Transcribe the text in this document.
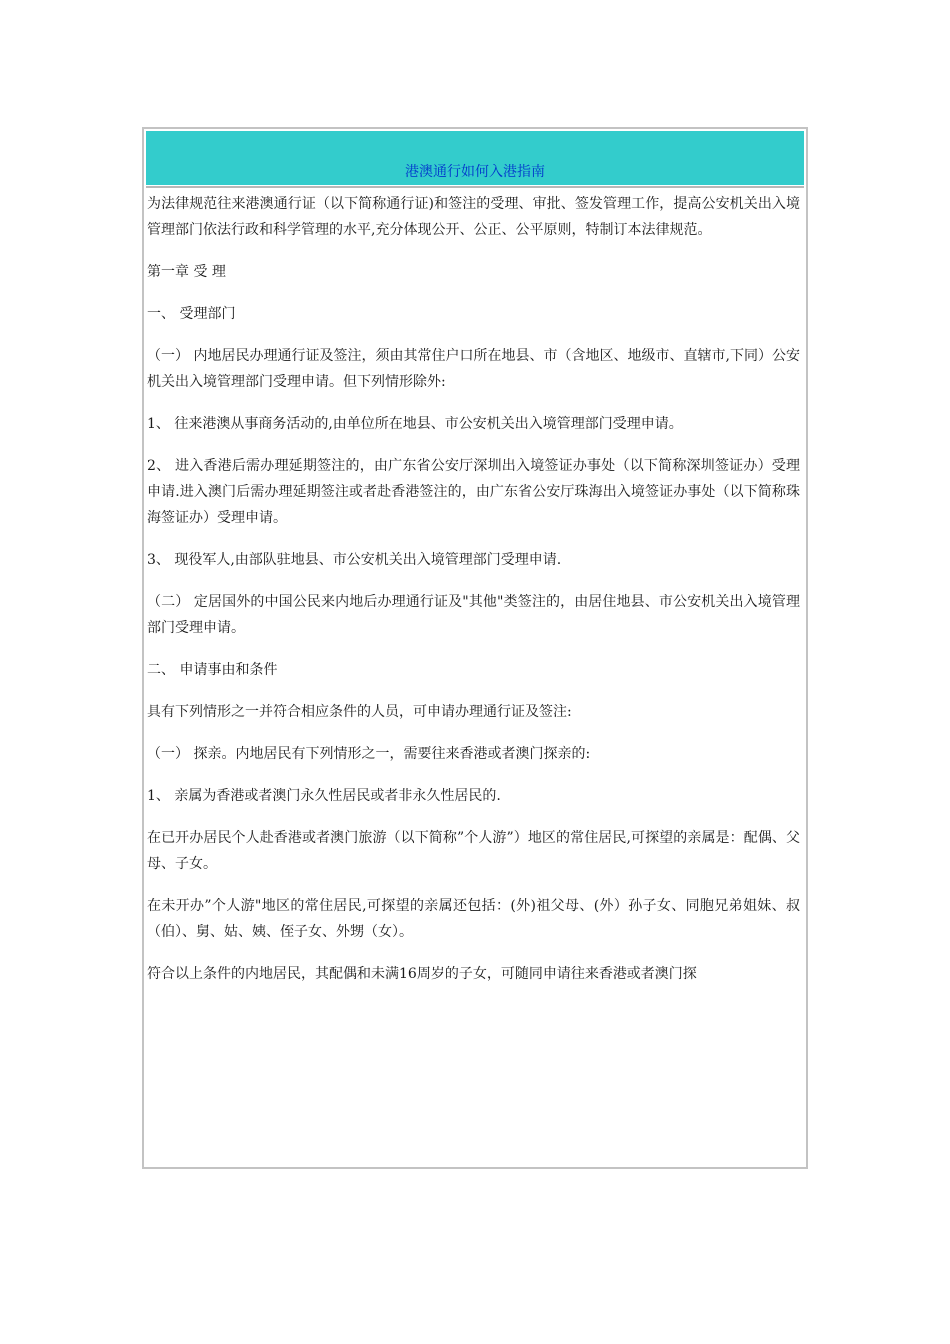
港澳通行如何入港指南

为法律规范往来港澳通行证（以下简称通行证)和签注的受理、审批、签发管理工作，提高公安机关出入境管理部门依法行政和科学管理的水平,充分体现公开、公正、公平原则，特制订本法律规范。

第一章 受 理

一、 受理部门

（一） 内地居民办理通行证及签注，须由其常住户口所在地县、市（含地区、地级市、直辖市,下同）公安机关出入境管理部门受理申请。但下列情形除外:

1、 往来港澳从事商务活动的,由单位所在地县、市公安机关出入境管理部门受理申请。

2、 进入香港后需办理延期签注的，由广东省公安厅深圳出入境签证办事处（以下简称深圳签证办）受理申请.进入澳门后需办理延期签注或者赴香港签注的，由广东省公安厅珠海出入境签证办事处（以下简称珠海签证办）受理申请。

3、 现役军人,由部队驻地县、市公安机关出入境管理部门受理申请.

（二） 定居国外的中国公民来内地后办理通行证及"其他"类签注的，由居住地县、市公安机关出入境管理部门受理申请。

二、 申请事由和条件

具有下列情形之一并符合相应条件的人员，可申请办理通行证及签注:

（一） 探亲。内地居民有下列情形之一，需要往来香港或者澳门探亲的:

1、 亲属为香港或者澳门永久性居民或者非永久性居民的.

在已开办居民个人赴香港或者澳门旅游（以下简称”个人游”）地区的常住居民,可探望的亲属是：配偶、父母、子女。

在未开办”个人游"地区的常住居民,可探望的亲属还包括：(外)祖父母、(外）孙子女、同胞兄弟姐妹、叔（伯）、舅、姑、姨、侄子女、外甥（女）。

符合以上条件的内地居民，其配偶和未满16周岁的子女，可随同申请往来香港或者澳门探
